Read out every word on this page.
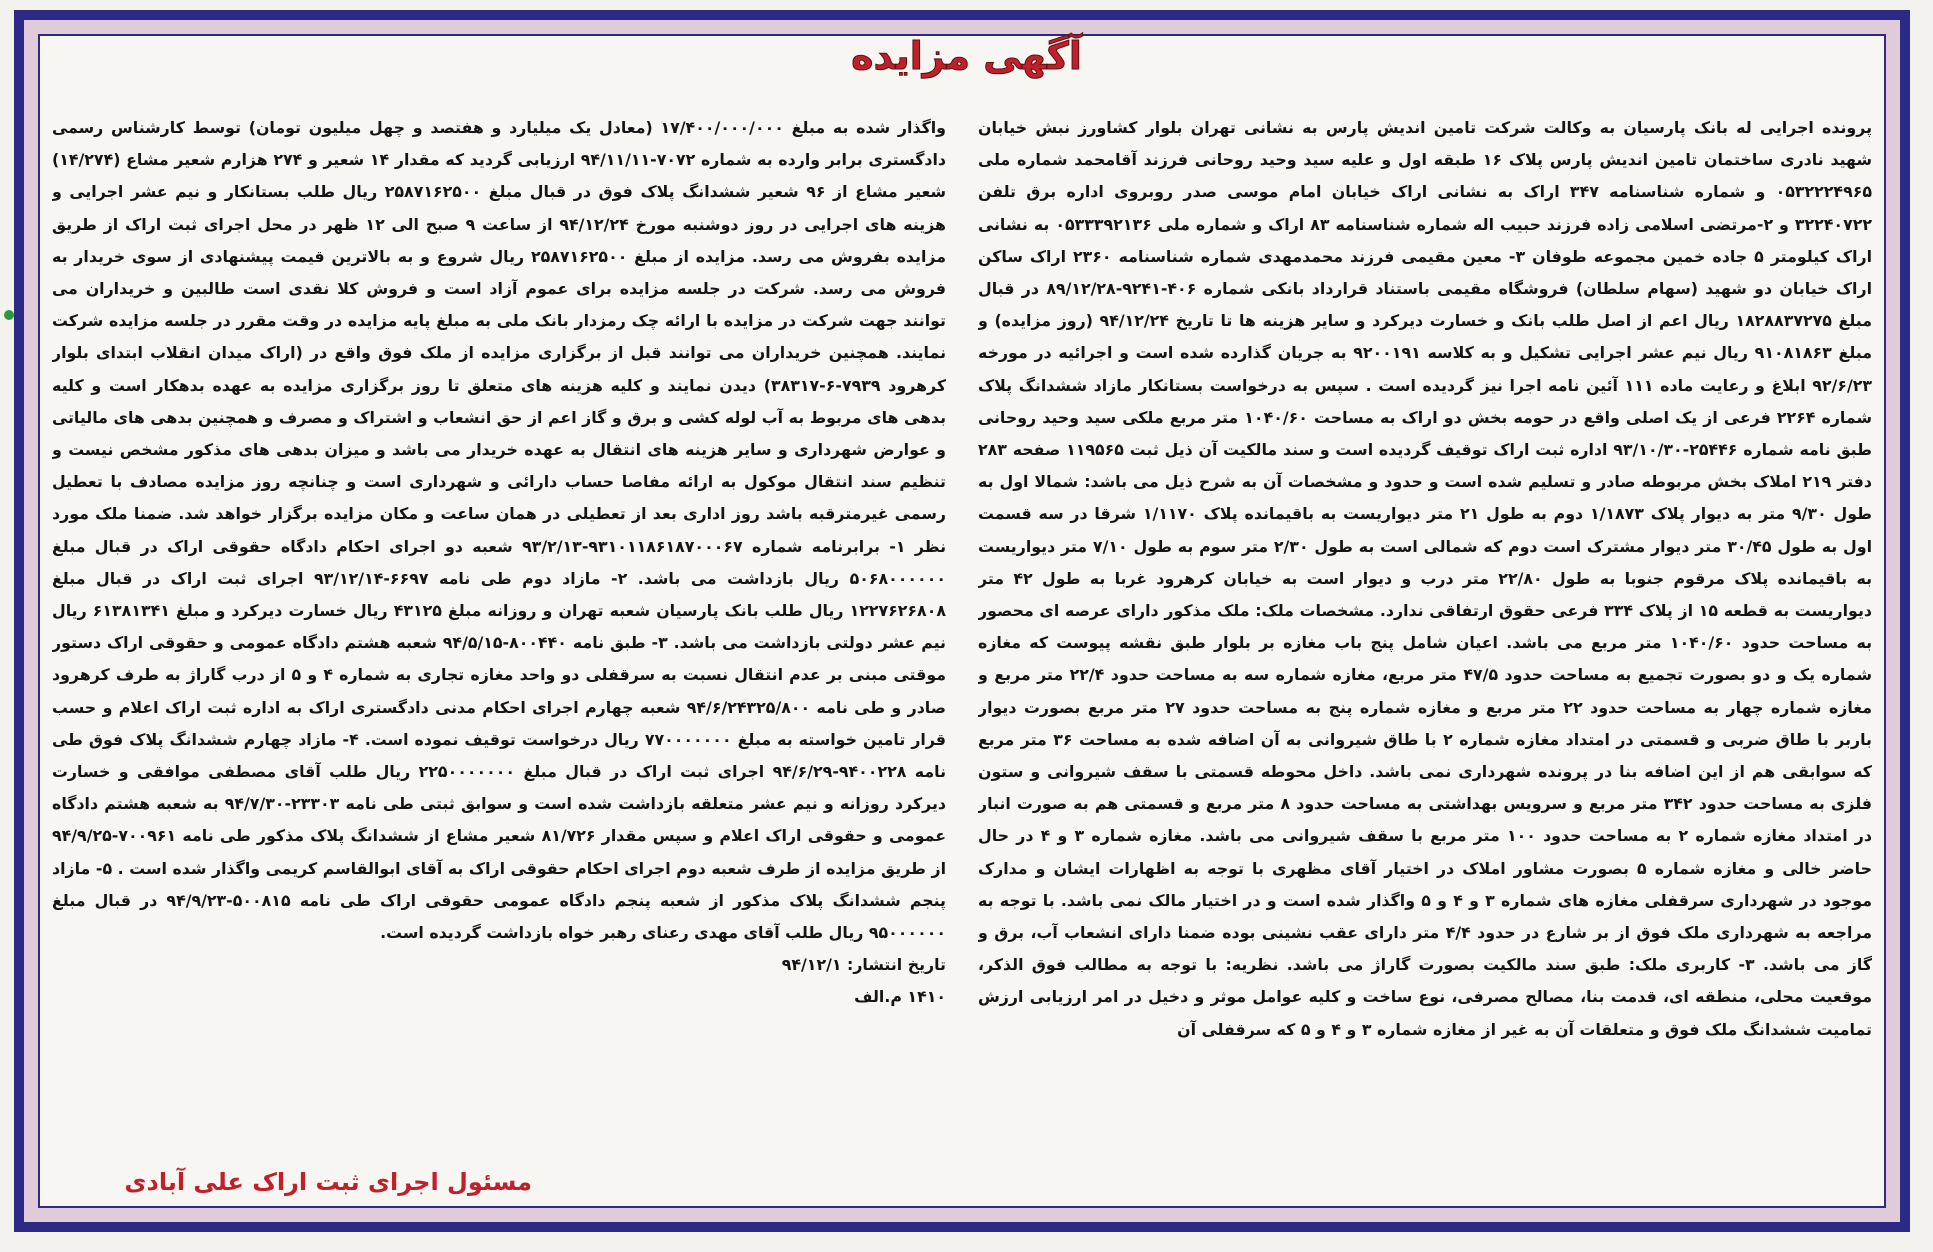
آگهی مزایده

پرونده اجرایی له بانک پارسیان به وکالت شرکت تامین اندیش پارس به نشانی تهران بلوار کشاورز نبش خیابان شهید نادری ساختمان تامین اندیش پارس پلاک ۱۶ طبقه اول و علیه سید وحید روحانی فرزند آقامحمد شماره ملی ۰۵۳۲۲۲۴۹۶۵ و شماره شناسنامه ۳۴۷ اراک به نشانی اراک خیابان امام موسی صدر روبروی اداره برق تلفن ۳۲۲۴۰۷۲۲ و ۲-مرتضی اسلامی زاده فرزند حبیب اله شماره شناسنامه ۸۳ اراک و شماره ملی ۰۵۳۳۳۹۲۱۳۶ به نشانی اراک کیلومتر ۵ جاده خمین مجموعه طوفان ۳- معین مقیمی فرزند محمدمهدی شماره شناسنامه ۲۳۶۰ اراک ساکن اراک خیابان دو شهید (سهام سلطان) فروشگاه مقیمی باستناد قرارداد بانکی شماره ۴۰۶-۹۲۴۱-۸۹/۱۲/۲۸ در قبال مبلغ ۱۸۲۸۸۳۷۲۷۵ ریال اعم از اصل طلب بانک و خسارت دیرکرد و سایر هزینه ها تا تاریخ ۹۴/۱۲/۲۴ (روز مزایده) و مبلغ ۹۱۰۸۱۸۶۳ ریال نیم عشر اجرایی تشکیل و به کلاسه ۹۲۰۰۱۹۱ به جریان گذارده شده است و اجرائیه در مورخه ۹۲/۶/۲۳ ابلاغ و رعایت ماده ۱۱۱ آئین نامه اجرا نیز گردیده است . سپس به درخواست بستانکار مازاد ششدانگ پلاک شماره ۲۲۶۴ فرعی از یک اصلی واقع در حومه بخش دو اراک به مساحت ۱۰۴۰/۶۰ متر مربع ملکی سید وحید روحانی طبق نامه شماره ۲۵۴۴۶-۹۳/۱۰/۳۰ اداره ثبت اراک توقیف گردیده است و سند مالکیت آن ذیل ثبت ۱۱۹۵۶۵ صفحه ۲۸۳ دفتر ۲۱۹ املاک بخش مربوطه صادر و تسلیم شده است و حدود و مشخصات آن به شرح ذیل می باشد: شمالا اول به طول ۹/۳۰ متر به دیوار پلاک ۱/۱۸۷۳ دوم به طول ۲۱ متر دیواریست به باقیمانده پلاک ۱/۱۱۷۰ شرقا در سه قسمت اول به طول ۳۰/۴۵ متر دیوار مشترک است دوم که شمالی است به طول ۲/۳۰ متر سوم به طول ۷/۱۰ متر دیواریست به باقیمانده پلاک مرقوم جنوبا به طول ۲۲/۸۰ متر درب و دیوار است به خیابان کرهرود غربا به طول ۴۲ متر دیواریست به قطعه ۱۵ از پلاک ۳۳۴ فرعی حقوق ارتفاقی ندارد. مشخصات ملک: ملک مذکور دارای عرصه ای محصور به مساحت حدود ۱۰۴۰/۶۰ متر مربع می باشد. اعیان شامل پنج باب مغازه بر بلوار طبق نقشه پیوست که مغازه شماره یک و دو بصورت تجمیع به مساحت حدود ۴۷/۵ متر مربع، مغازه شماره سه به مساحت حدود ۲۲/۴ متر مربع و مغازه شماره چهار به مساحت حدود ۲۲ متر مربع و مغازه شماره پنج به مساحت حدود ۲۷ متر مربع بصورت دیوار باربر با طاق ضربی و قسمتی در امتداد مغازه شماره ۲ با طاق شیروانی به آن اضافه شده به مساحت ۳۶ متر مربع که سوابقی هم از این اضافه بنا در پرونده شهرداری نمی باشد. داخل محوطه قسمتی با سقف شیروانی و ستون فلزی به مساحت حدود ۳۴۲ متر مربع و سرویس بهداشتی به مساحت حدود ۸ متر مربع و قسمتی هم به صورت انبار در امتداد مغازه شماره ۲ به مساحت حدود ۱۰۰ متر مربع با سقف شیروانی می باشد. مغازه شماره ۳ و ۴ در حال حاضر خالی و مغازه شماره ۵ بصورت مشاور املاک در اختیار آقای مظهری با توجه به اظهارات ایشان و مدارک موجود در شهرداری سرقفلی مغازه های شماره ۳ و ۴ و ۵ واگذار شده است و در اختیار مالک نمی باشد. با توجه به مراجعه به شهرداری ملک فوق از بر شارع در حدود ۴/۴ متر دارای عقب نشینی بوده ضمنا دارای انشعاب آب، برق و گاز می باشد. ۳- کاربری ملک: طبق سند مالکیت بصورت گاراژ می باشد. نظریه: با توجه به مطالب فوق الذکر، موقعیت محلی، منطقه ای، قدمت بنا، مصالح مصرفی، نوع ساخت و کلیه عوامل موثر و دخیل در امر ارزیابی ارزش تمامیت ششدانگ ملک فوق و متعلقات آن به غیر از مغازه شماره ۳ و ۴ و ۵ که سرقفلی آن

واگذار شده به مبلغ ۱۷/۴۰۰/۰۰۰/۰۰۰ (معادل یک میلیارد و هفتصد و چهل میلیون تومان) توسط کارشناس رسمی دادگستری برابر وارده به شماره ۷۰۷۲-۹۴/۱۱/۱۱ ارزیابی گردید که مقدار ۱۴ شعیر و ۲۷۴ هزارم شعیر مشاع (۱۴/۲۷۴) شعیر مشاع از ۹۶ شعیر ششدانگ پلاک فوق در قبال مبلغ ۲۵۸۷۱۶۲۵۰۰ ریال طلب بستانکار و نیم عشر اجرایی و هزینه های اجرایی در روز دوشنبه مورخ ۹۴/۱۲/۲۴ از ساعت ۹ صبح الی ۱۲ ظهر در محل اجرای ثبت اراک از طریق مزایده بفروش می رسد. مزایده از مبلغ ۲۵۸۷۱۶۲۵۰۰ ریال شروع و به بالاترین قیمت پیشنهادی از سوی خریدار به فروش می رسد. شرکت در جلسه مزایده برای عموم آزاد است و فروش کلا نقدی است طالبین و خریداران می توانند جهت شرکت در مزایده با ارائه چک رمزدار بانک ملی به مبلغ پایه مزایده در وقت مقرر در جلسه مزایده شرکت نمایند. همچنین خریداران می توانند قبل از برگزاری مزایده از ملک فوق واقع در (اراک میدان انقلاب ابتدای بلوار کرهرود ۷۹۳۹-۶-۳۸۳۱۷) دیدن نمایند و کلیه هزینه های متعلق تا روز برگزاری مزایده به عهده بدهکار است و کلیه بدهی های مربوط به آب لوله کشی و برق و گاز اعم از حق انشعاب و اشتراک و مصرف و همچنین بدهی های مالیاتی و عوارض شهرداری و سایر هزینه های انتقال به عهده خریدار می باشد و میزان بدهی های مذکور مشخص نیست و تنظیم سند انتقال موکول به ارائه مفاصا حساب دارائی و شهرداری است و چنانچه روز مزایده مصادف با تعطیل رسمی غیرمترقبه باشد روز اداری بعد از تعطیلی در همان ساعت و مکان مزایده برگزار خواهد شد. ضمنا ملک مورد نظر ۱- برابرنامه شماره ۹۳۱۰۱۱۸۶۱۸۷۰۰۰۶۷-۹۳/۲/۱۳ شعبه دو اجرای احکام دادگاه حقوقی اراک در قبال مبلغ ۵۰۶۸۰۰۰۰۰۰ ریال بازداشت می باشد. ۲- مازاد دوم طی نامه ۶۶۹۷-۹۳/۱۲/۱۴ اجرای ثبت اراک در قبال مبلغ ۱۲۲۷۶۲۶۸۰۸ ریال طلب بانک پارسیان شعبه تهران و روزانه مبلغ ۴۳۱۲۵ ریال خسارت دیرکرد و مبلغ ۶۱۳۸۱۳۴۱ ریال نیم عشر دولتی بازداشت می باشد. ۳- طبق نامه ۸۰۰۴۴۰-۹۴/۵/۱۵ شعبه هشتم دادگاه عمومی و حقوقی اراک دستور موقتی مبنی بر عدم انتقال نسبت به سرقفلی دو واحد مغازه تجاری به شماره ۴ و ۵ از درب گاراژ به طرف کرهرود صادر و طی نامه ۹۴/۶/۲۴۳۲۵/۸۰۰ شعبه چهارم اجرای احکام مدنی دادگستری اراک به اداره ثبت اراک اعلام و حسب قرار تامین خواسته به مبلغ ۷۷۰۰۰۰۰۰۰ ریال درخواست توقیف نموده است. ۴- مازاد چهارم ششدانگ پلاک فوق طی نامه ۹۴۰۰۲۲۸-۹۴/۶/۲۹ اجرای ثبت اراک در قبال مبلغ ۲۲۵۰۰۰۰۰۰۰ ریال طلب آقای مصطفی موافقی و خسارت دیرکرد روزانه و نیم عشر متعلقه بازداشت شده است و سوابق ثبتی طی نامه ۲۳۳۰۳-۹۴/۷/۳۰ به شعبه هشتم دادگاه عمومی و حقوقی اراک اعلام و سپس مقدار ۸۱/۷۲۶ شعیر مشاع از ششدانگ پلاک مذکور طی نامه ۷۰۰۹۶۱-۹۴/۹/۲۵ از طریق مزایده از طرف شعبه دوم اجرای احکام حقوقی اراک به آقای ابوالقاسم کریمی واگذار شده است . ۵- مازاد پنجم ششدانگ پلاک مذکور از شعبه پنجم دادگاه عمومی حقوقی اراک طی نامه ۵۰۰۸۱۵-۹۴/۹/۲۳ در قبال مبلغ ۹۵۰۰۰۰۰۰ ریال طلب آقای مهدی رعنای رهبر خواه بازداشت گردیده است.

تاریخ انتشار: ۹۴/۱۲/۱

۱۴۱۰ م.الف

مسئول اجرای ثبت اراک علی آبادی
